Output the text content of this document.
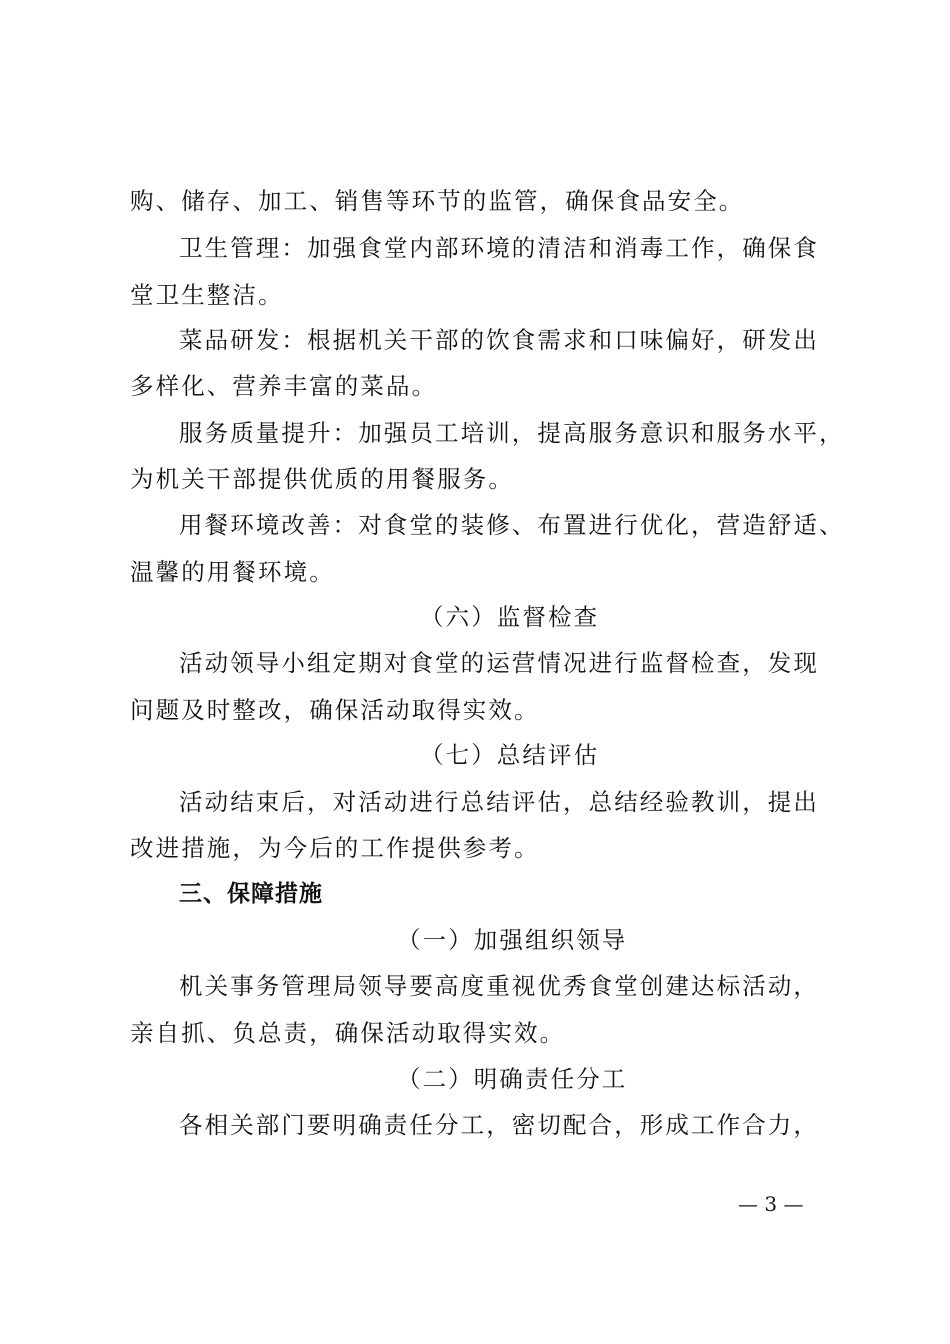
购、储存、加工、销售等环节的监管，确保食品安全。
卫生管理：加强食堂内部环境的清洁和消毒工作，确保食
堂卫生整洁。
菜品研发：根据机关干部的饮食需求和口味偏好，研发出
多样化、营养丰富的菜品。
服务质量提升：加强员工培训，提高服务意识和服务水平，
为机关干部提供优质的用餐服务。
用餐环境改善：对食堂的装修、布置进行优化，营造舒适、
温馨的用餐环境。
（六）监督检查
活动领导小组定期对食堂的运营情况进行监督检查，发现
问题及时整改，确保活动取得实效。
（七）总结评估
活动结束后，对活动进行总结评估，总结经验教训，提出
改进措施，为今后的工作提供参考。
三、保障措施
（一）加强组织领导
机关事务管理局领导要高度重视优秀食堂创建达标活动，
亲自抓、负总责，确保活动取得实效。
（二）明确责任分工
各相关部门要明确责任分工，密切配合，形成工作合力，
— 3 —
